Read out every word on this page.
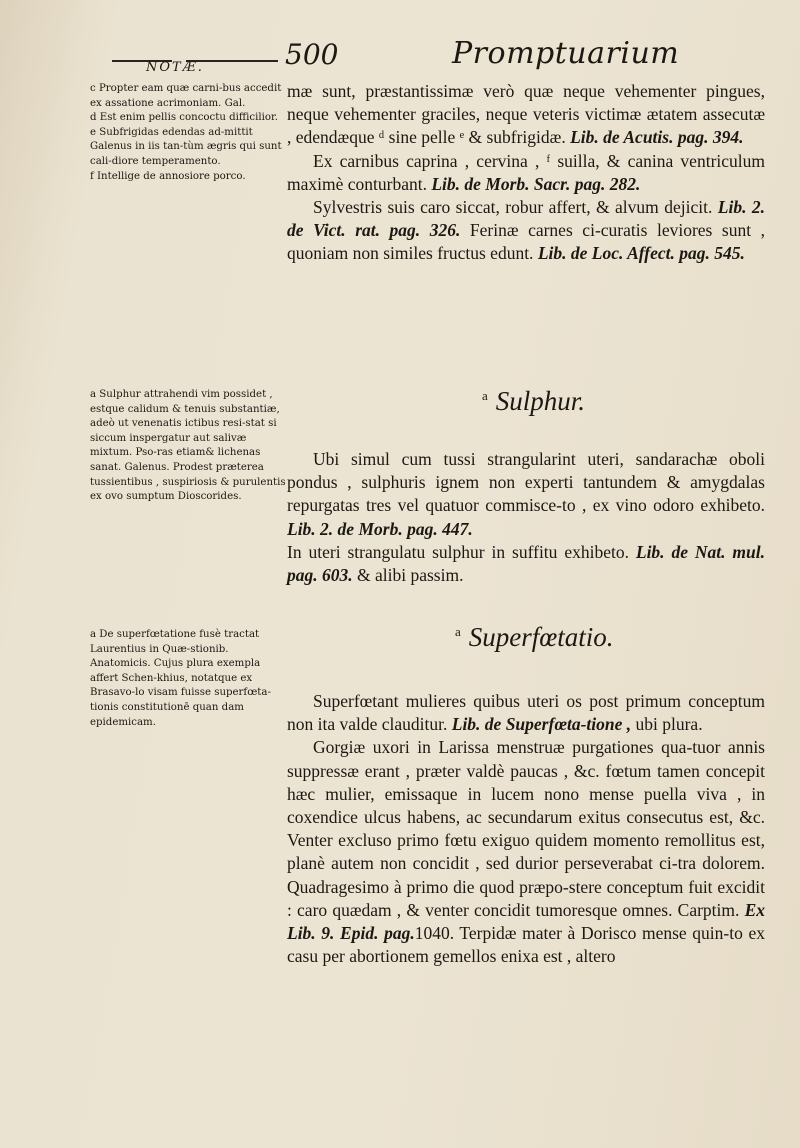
NOTÆ.	500	Promptuarium

c Propter eam quæ carni-bus accedit ex assatione acrimoniam. Gal.

d Est enim pellis concoctu difficilior.

e Subfrigidas edendas ad-mittit Galenus in iis tan-tùm ægris qui sunt cali-diore temperamento.

f Intellige de annosiore porco.

a Sulphur attrahendi vim possidet , estque calidum & tenuis substantiæ, adeò ut venenatis ictibus resi-stat si siccum inspergatur aut salivæ mixtum. Pso-ras etiam& lichenas sanat. Galenus. Prodest præterea tussientibus , suspiriosis & purulentis ex ovo sumptum Dioscorides.

a De superfœtatione fusè tractat Laurentius in Quæ-stionib. Anatomicis. Cujus plura exempla affert Schen-khius, notatque ex Brasavo-lo visam fuisse superfœta-tionis constitutionē quan dam epidemicam.

mæ sunt, præstantissimæ verò quæ neque vehementer pingues, neque vehementer graciles, neque veteris victimæ ætatem assecutæ , edendæque ᵈ sine pelle ᵉ & subfrigidæ. Lib. de Acutis. pag. 394.

Ex carnibus caprina , cervina , ᶠ suilla, & canina ventriculum maximè conturbant. Lib. de Morb. Sacr. pag. 282.

Sylvestris suis caro siccat, robur affert, & alvum dejicit. Lib. 2. de Vict. rat. pag. 326. Ferinæ carnes ci-curatis leviores sunt , quoniam non similes fructus edunt. Lib. de Loc. Affect. pag. 545.

$^a$ Sulphur.

Ubi simul cum tussi strangularint uteri, sandarachæ oboli pondus , sulphuris ignem non experti tantundem & amygdalas repurgatas tres vel quatuor commisce-to , ex vino odoro exhibeto. Lib. 2. de Morb. pag. 447.

In uteri strangulatu sulphur in suffitu exhibeto. Lib. de Nat. mul. pag. 603. & alibi passim.

$^a$ Superfœtatio.

Superfœtant mulieres quibus uteri os post primum conceptum non ita valde clauditur. Lib. de Superfœta-tione , ubi plura.

Gorgiæ uxori in Larissa menstruæ purgationes qua-tuor annis suppressæ erant , præter valdè paucas , &c. fœtum tamen concepit hæc mulier, emissaque in lucem nono mense puella viva , in coxendice ulcus habens, ac secundarum exitus consecutus est, &c. Venter excluso primo fœtu exiguo quidem momento remollitus est, planè autem non concidit , sed durior perseverabat ci-tra dolorem. Quadragesimo à primo die quod præpo-stere conceptum fuit excidit : caro quædam , & venter concidit tumoresque omnes. Carptim. Ex Lib. 9. Epid. pag.1040. Terpidæ mater à Dorisco mense quin-to ex casu per abortionem gemellos enixa est , altero
